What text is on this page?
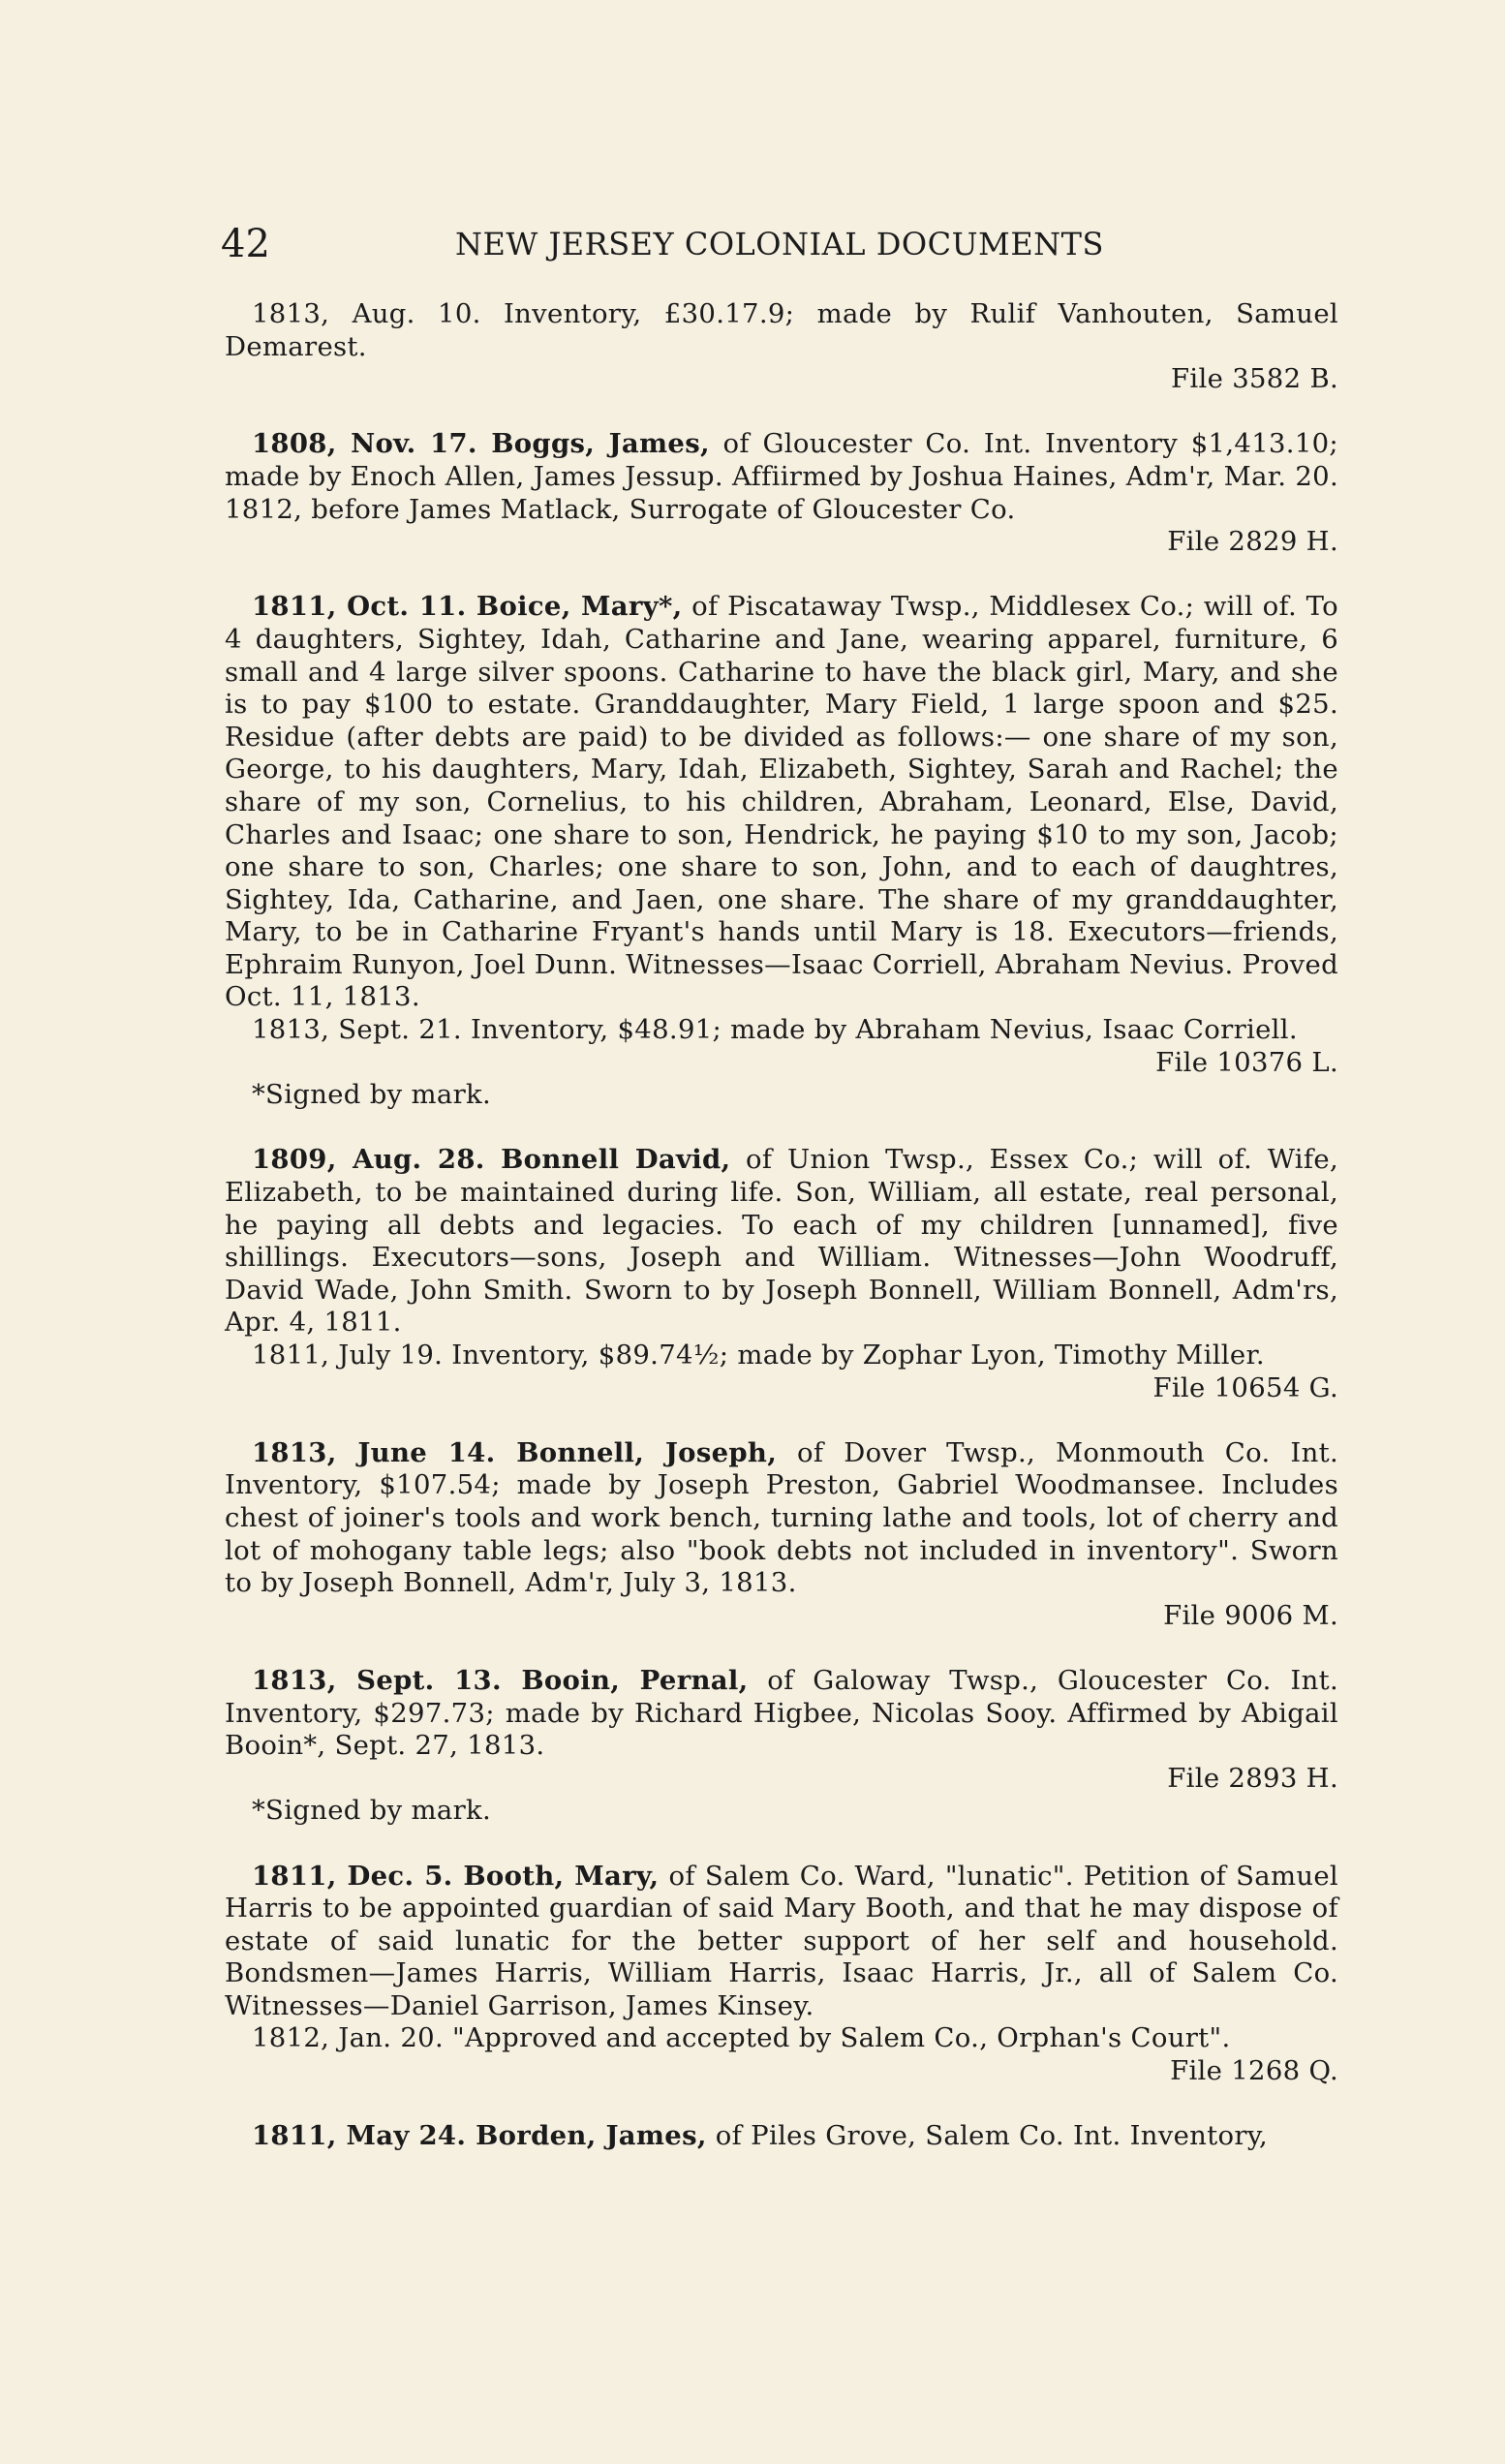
42	NEW JERSEY COLONIAL DOCUMENTS
1813, Aug. 10. Inventory, £30.17.9; made by Rulif Vanhouten, Samuel Demarest.
File 3582 B.
1808, Nov. 17. Boggs, James, of Gloucester Co. Int. Inventory $1,413.10; made by Enoch Allen, James Jessup. Affiirmed by Joshua Haines, Adm'r, Mar. 20. 1812, before James Matlack, Surrogate of Gloucester Co.
File 2829 H.
1811, Oct. 11. Boice, Mary*, of Piscataway Twsp., Middlesex Co.; will of. To 4 daughters, Sightey, Idah, Catharine and Jane, wearing apparel, furniture, 6 small and 4 large silver spoons. Catharine to have the black girl, Mary, and she is to pay $100 to estate. Granddaughter, Mary Field, 1 large spoon and $25. Residue (after debts are paid) to be divided as follows:— one share of my son, George, to his daughters, Mary, Idah, Elizabeth, Sightey, Sarah and Rachel; the share of my son, Cornelius, to his children, Abraham, Leonard, Else, David, Charles and Isaac; one share to son, Hendrick, he paying $10 to my son, Jacob; one share to son, Charles; one share to son, John, and to each of daughtres, Sightey, Ida, Catharine, and Jaen, one share. The share of my granddaughter, Mary, to be in Catharine Fryant's hands until Mary is 18. Executors—friends, Ephraim Runyon, Joel Dunn. Witnesses—Isaac Corriell, Abraham Nevius. Proved Oct. 11, 1813.
1813, Sept. 21. Inventory, $48.91; made by Abraham Nevius, Isaac Corriell.
File 10376 L.
*Signed by mark.
1809, Aug. 28. Bonnell David, of Union Twsp., Essex Co.; will of. Wife, Elizabeth, to be maintained during life. Son, William, all estate, real personal, he paying all debts and legacies. To each of my children [unnamed], five shillings. Executors—sons, Joseph and William. Witnesses—John Woodruff, David Wade, John Smith. Sworn to by Joseph Bonnell, William Bonnell, Adm'rs, Apr. 4, 1811.
1811, July 19. Inventory, $89.74½; made by Zophar Lyon, Timothy Miller.
File 10654 G.
1813, June 14. Bonnell, Joseph, of Dover Twsp., Monmouth Co. Int. Inventory, $107.54; made by Joseph Preston, Gabriel Woodmansee. Includes chest of joiner's tools and work bench, turning lathe and tools, lot of cherry and lot of mohogany table legs; also "book debts not included in inventory". Sworn to by Joseph Bonnell, Adm'r, July 3, 1813.
File 9006 M.
1813, Sept. 13. Booin, Pernal, of Galoway Twsp., Gloucester Co. Int. Inventory, $297.73; made by Richard Higbee, Nicolas Sooy. Affirmed by Abigail Booin*, Sept. 27, 1813.
File 2893 H.
*Signed by mark.
1811, Dec. 5. Booth, Mary, of Salem Co. Ward, "lunatic". Petition of Samuel Harris to be appointed guardian of said Mary Booth, and that he may dispose of estate of said lunatic for the better support of her self and household. Bondsmen—James Harris, William Harris, Isaac Harris, Jr., all of Salem Co. Witnesses—Daniel Garrison, James Kinsey.
1812, Jan. 20. "Approved and accepted by Salem Co., Orphan's Court".
File 1268 Q.
1811, May 24. Borden, James, of Piles Grove, Salem Co. Int. Inventory,
